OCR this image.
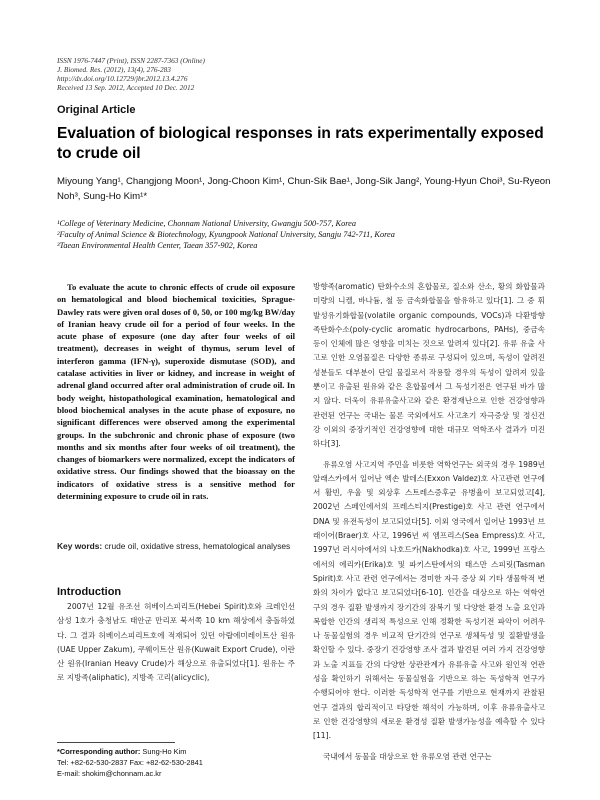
ISSN 1976-7447 (Print), ISSN 2287-7363 (Online)
J. Biomed. Res. (2012), 13(4), 276-283
http://dx.doi.org/10.12729/jbr.2012.13.4.276
Received 13 Sep. 2012, Accepted 10 Dec. 2012
Original Article
Evaluation of biological responses in rats experimentally exposed to crude oil
Miyoung Yang¹, Changjong Moon¹, Jong-Choon Kim¹, Chun-Sik Bae¹, Jong-Sik Jang², Young-Hyun Choi³, Su-Ryeon Noh³, Sung-Ho Kim¹*
¹College of Veterinary Medicine, Chonnam National University, Gwangju 500-757, Korea
²Faculty of Animal Science & Biotechnology, Kyungpook National University, Sangju 742-711, Korea
³Taean Environmental Health Center, Taean 357-902, Korea
To evaluate the acute to chronic effects of crude oil exposure on hematological and blood biochemical toxicities, Sprague-Dawley rats were given oral doses of 0, 50, or 100 mg/kg BW/day of Iranian heavy crude oil for a period of four weeks. In the acute phase of exposure (one day after four weeks of oil treatment), decreases in weight of thymus, serum level of interferon gamma (IFN-γ), superoxide dismutase (SOD), and catalase activities in liver or kidney, and increase in weight of adrenal gland occurred after oral administration of crude oil. In body weight, histopathological examination, hematological and blood biochemical analyses in the acute phase of exposure, no significant differences were observed among the experimental groups. In the subchronic and chronic phase of exposure (two months and six months after four weeks of oil treatment), the changes of biomarkers were normalized, except the indicators of oxidative stress. Our findings showed that the bioassay on the indicators of oxidative stress is a sensitive method for determining exposure to crude oil in rats.
Key words: crude oil, oxidative stress, hematological analyses
Introduction

2007년 12월 유조선 허베이스피리트(Hebei Spirit)호와 크레인선 삼성 1호가 충청남도 태안군 만리포 북서쪽 10 km 해상에서 충돌하였다. 그 결과 허베이스피리트호에 적재되어 있던 아랍에미레이트산 원유(UAE Upper Zakum), 쿠웨이트산 원유(Kuwait Export Crude), 이란산 원유(Iranian Heavy Crude)가 해상으로 유출되었다[1]. 원유는 주로 지방족(aliphatic), 지방족 고리(alicyclic),

방향족(aromatic) 탄화수소의 혼합물로, 질소와 산소, 황의 화합물과 미량의 니켈, 바나듐, 철 등 금속화합물을 함유하고 있다[1]. 그 중 휘발성유기화합물(volatile organic compounds, VOCs)과 다환방향족탄화수소(poly-cyclic aromatic hydrocarbons, PAHs), 중금속 등이 인체에 많은 영향을 미치는 것으로 알려져 있다[2]. 유류 유출 사고로 인한 오염물질은 다양한 종류로 구성되어 있으며, 독성이 알려진 성분들도 대부분이 단일 물질로서 작용할 경우의 독성이 알려져 있을 뿐이고 유출된 원유와 같은 혼합물에서 그 독성기전은 연구된 바가 많지 않다. 더욱이 유류유출사고와 같은 환경재난으로 인한 건강영향과 관련된 연구는 국내는 물론 국외에서도 사고초기 자극증상 및 정신건강 이외의 중장기적인 건강영향에 대한 대규모 역학조사 결과가 미진하다[3].

유류오염 사고지역 주민을 비롯한 역학연구는 외국의 경우 1989년 알래스카에서 일어난 엑손 발데스(Exxon Valdez)호 사고관련 연구에서 활빈, 우울 및 외상후 스트레스증후군 유병율이 보고되었고[4], 2002년 스페인에서의 프레스티지(Prestige)호 사고 관련 연구에서 DNA 및 유전독성이 보고되었다[5]. 이외 영국에서 일어난 1993년 브래이어(Braer)호 사고, 1996년 씨 엠프리스(Sea Empress)호 사고, 1997년 러시아에서의 나호드카(Nakhodka)호 사고, 1999년 프랑스에서의 에리카(Erika)호 및 파키스탄에서의 태스만 스피릿(Tasman Spirit)호 사고 관련 연구에서는 경미한 자극 증상 외 기타 생물학적 변화의 차이가 없다고 보고되었다[6-10]. 인간을 대상으로 하는 역학연구의 경우 질환 발생까지 장기간의 잠복기 및 다양한 환경 노출 요인과 복합한 인간의 생리적 특성으로 인해 정확한 독성기전 파악이 어려우나 동물실험의 경우 비교적 단기간의 연구로 생체독성 및 질환발생을 확인할 수 있다. 중장기 건강영향 조사 결과 발견된 여러 가지 건강영향과 노출 지표들 간의 다양한 상관관계가 유류유출 사고와 원인적 연관성을 확인하기 위해서는 동물실험을 기반으로 하는 독성학적 연구가 수행되어야 한다. 이러한 독성학적 연구를 기반으로 현재까지 관찰된 연구 결과의 합리적이고 타당한 해석이 가능하며, 이후 유류유출사고로 인한 건강영향의 새로운 환경성 질환 발생가능성을 예측할 수 있다[11].

국내에서 동물을 대상으로 한 유류오염 관련 연구는

*Corresponding author: Sung-Ho Kim
Tel: +82-62-530-2837 Fax: +82-62-530-2841
E-mail: shokim@chonnam.ac.kr
